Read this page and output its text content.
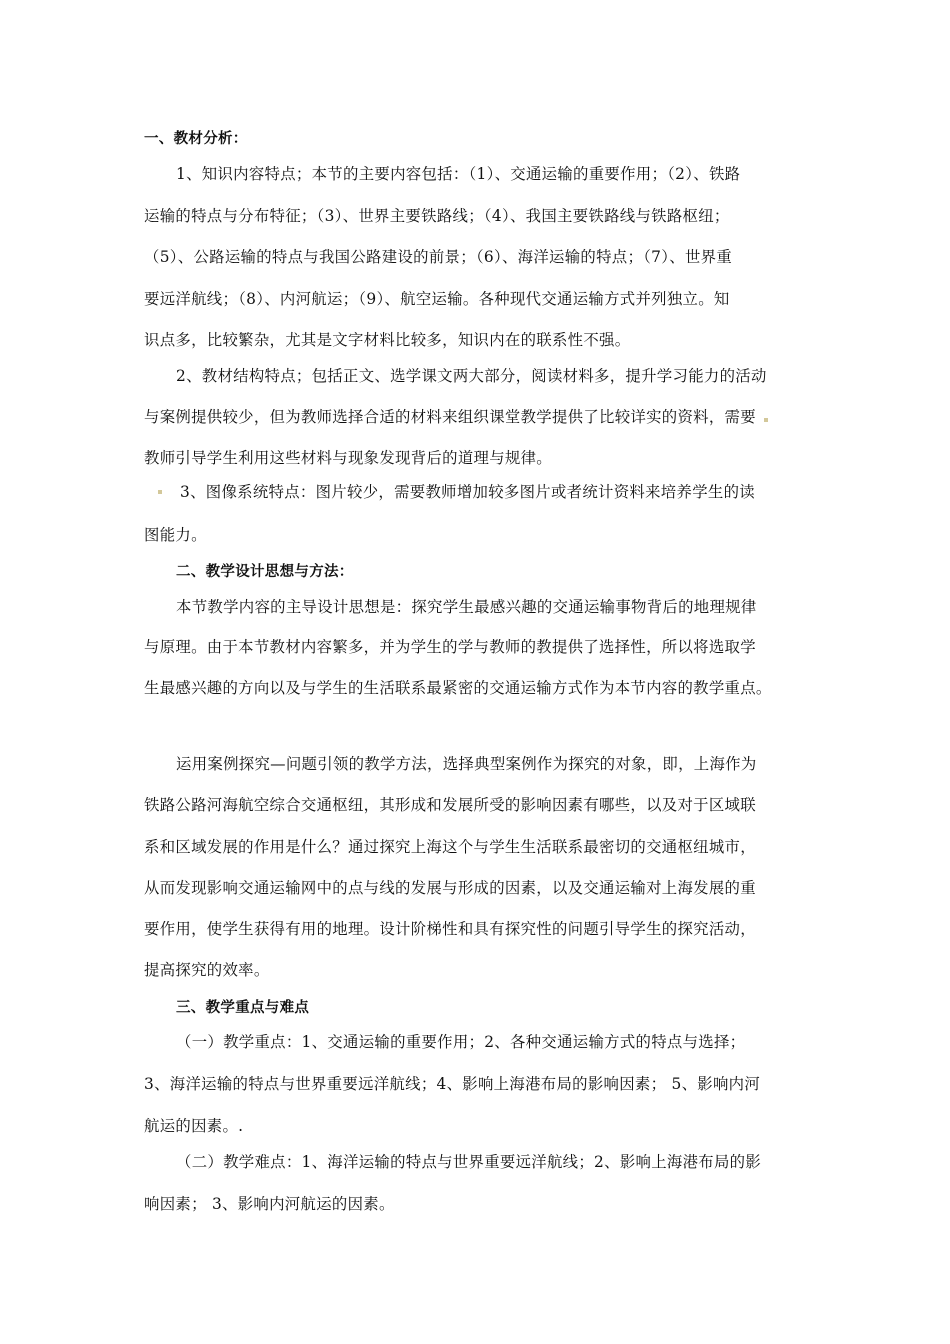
一、教材分析：
1、知识内容特点；本节的主要内容包括：（1）、交通运输的重要作用；（2）、铁路
运输的特点与分布特征；（3）、世界主要铁路线；（4）、我国主要铁路线与铁路枢纽；
（5）、公路运输的特点与我国公路建设的前景；（6）、海洋运输的特点；（7）、世界重
要远洋航线；（8）、内河航运；（9）、航空运输。各种现代交通运输方式并列独立。知
识点多，比较繁杂，尤其是文字材料比较多，知识内在的联系性不强。
2、教材结构特点；包括正文、选学课文两大部分，阅读材料多，提升学习能力的活动
与案例提供较少，但为教师选择合适的材料来组织课堂教学提供了比较详实的资料，需要
教师引导学生利用这些材料与现象发现背后的道理与规律。
3、图像系统特点：图片较少，需要教师增加较多图片或者统计资料来培养学生的读
图能力。
二、教学设计思想与方法：
本节教学内容的主导设计思想是：探究学生最感兴趣的交通运输事物背后的地理规律
与原理。由于本节教材内容繁多，并为学生的学与教师的教提供了选择性，所以将选取学
生最感兴趣的方向以及与学生的生活联系最紧密的交通运输方式作为本节内容的教学重点。
运用案例探究—问题引领的教学方法，选择典型案例作为探究的对象，即，上海作为
铁路公路河海航空综合交通枢纽，其形成和发展所受的影响因素有哪些，以及对于区域联
系和区域发展的作用是什么？通过探究上海这个与学生生活联系最密切的交通枢纽城市，
从而发现影响交通运输网中的点与线的发展与形成的因素，以及交通运输对上海发展的重
要作用，使学生获得有用的地理。设计阶梯性和具有探究性的问题引导学生的探究活动，
提高探究的效率。
三、教学重点与难点
（一）教学重点：1、交通运输的重要作用；2、各种交通运输方式的特点与选择；
3、海洋运输的特点与世界重要远洋航线；4、影响上海港布局的影响因素； 5、影响内河
航运的因素。.
（二）教学难点：1、海洋运输的特点与世界重要远洋航线；2、影响上海港布局的影
响因素； 3、影响内河航运的因素。
